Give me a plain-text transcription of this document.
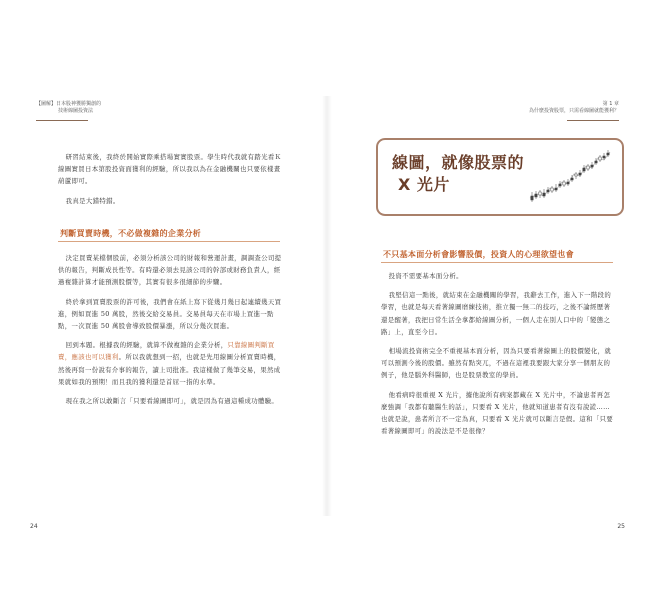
【圖解】日本股神獲勝獨創的
技術線圖投資法
第 1 章
為什麼投資股票，只需看線圖就能獲利？

研習結束後，我終於開始實際乘搭場實實股票。學生時代我就有踏光看Ｋ線圖實買日本第股投資面獲利的經驗，所以我以為在金融機關也只要依樣畫葫蘆即可。

我真是大錯特錯。

判斷買賣時機，不必做複雜的企業分析

決定買賣某檔個股前，必須分析該公司的財報和營運計畫，調調查公司提供的報告，判斷成長性等。有時還必須去見該公司的幹部或財務負責人，經過複雜計算才能預測股價等，其實有很多很細節的步驟。

終於拿到買賣股票的許可後，我們會在紙上寫下從幾月幾日起連續幾天買進，例如買進 50 萬股，然後交給交易員。交易員每天在市場上買進一點點，一次買進 50 萬股會導致股價暴漲，所以分幾次買進。

回到本題。根據我的經驗，就算不做複雜的企業分析，只靠線圖判斷買賣，應該也可以獲利。所以我就想到一招，也就是先用線圖分析買賣時機，然後再寫一份說有介事的報告，讀上司批准。我這樣做了幾筆交易，果然成果就如我的預期！而且我的獲利還是首屈一指的水準。

現在我之所以敢斷言「只要看線圖即可」，就是因為有過這種成功體驗。

線圖，就像股票的
X 光片
不只基本面分析會影響股價，投資人的心理欲望也會

投資不需要基本面分析。

我堅信這一點後，就結束在金融機關的學習，我辭去工作，進入下一階段的學習，也就是每天看著線圖磨練技術，推立獨一無二的技巧，之後不論經歷著還是醒著，我把日常生活全拿都給線圖分析，一個人走在別人口中的「變態之路」上，直至今日。

相場流投資術完全不重視基本面分析，因為只要看著線圖上的股價變化，就可以預測今後的股價。雖然有點突兀，不過在這裡我要跟大家分享一個朋友的例子，他是腦外科醫師，也是股票教室的學員。

他看病時很重視 X 光片，據他說所有病案都藏在 X 光片中，不論患者再怎麼強調「我都有聽醫生的話」，只要看 X 光片，他就知道患者有沒有說謊……也就是說，患者所言不一定為真，只要看 X 光片就可以斷言是假。這和「只要看著線圖即可」的說法是不是很像？

24	25
